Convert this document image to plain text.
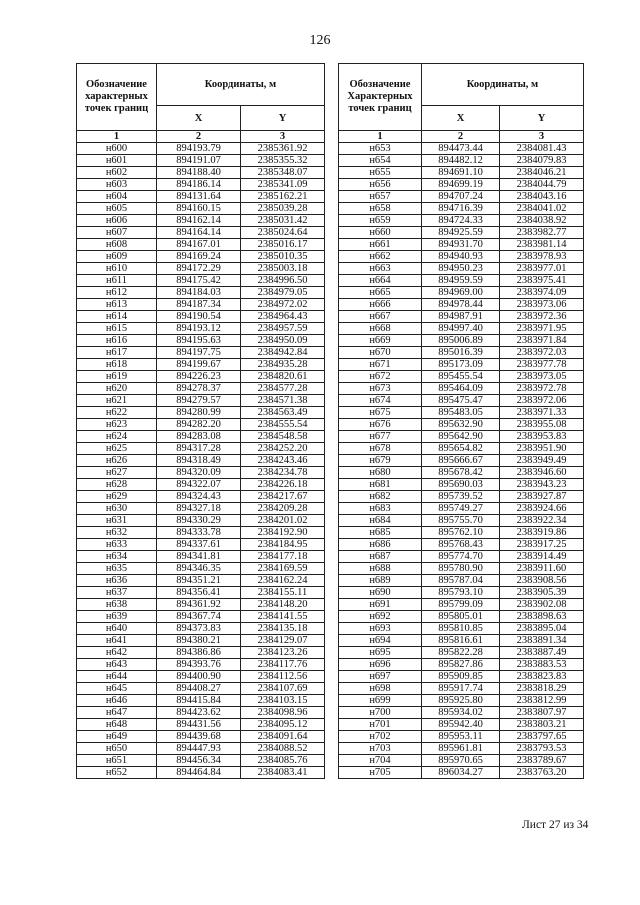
126
Обозначение характерных точек границ	Координаты, м			Обозначение Характерных точек границ	Координаты, м	
	X	Y			X	Y
1	2	3		1	2	3
н600	894193.79	2385361.92		н653	894473.44	2384081.43
н601	894191.07	2385355.32		н654	894482.12	2384079.83
н602	894188.40	2385348.07		н655	894691.10	2384046.21
н603	894186.14	2385341.09		н656	894699.19	2384044.79
н604	894131.64	2385162.21		н657	894707.24	2384043.16
н605	894160.15	2385039.28		н658	894716.39	2384041.02
н606	894162.14	2385031.42		н659	894724.33	2384038.92
н607	894164.14	2385024.64		н660	894925.59	2383982.77
н608	894167.01	2385016.17		н661	894931.70	2383981.14
н609	894169.24	2385010.35		н662	894940.93	2383978.93
н610	894172.29	2385003.18		н663	894950.23	2383977.01
н611	894175.42	2384996.50		н664	894959.59	2383975.41
н612	894184.03	2384979.05		н665	894969.00	2383974.09
н613	894187.34	2384972.02		н666	894978.44	2383973.06
н614	894190.54	2384964.43		н667	894987.91	2383972.36
н615	894193.12	2384957.59		н668	894997.40	2383971.95
н616	894195.63	2384950.09		н669	895006.89	2383971.84
н617	894197.75	2384942.84		н670	895016.39	2383972.03
н618	894199.67	2384935.28		н671	895173.09	2383977.78
н619	894226.23	2384820.61		н672	895455.54	2383973.05
н620	894278.37	2384577.28		н673	895464.09	2383972.78
н621	894279.57	2384571.38		н674	895475.47	2383972.06
н622	894280.99	2384563.49		н675	895483.05	2383971.33
н623	894282.20	2384555.54		н676	895632.90	2383955.08
н624	894283.08	2384548.58		н677	895642.90	2383953.83
н625	894317.28	2384252.20		н678	895654.82	2383951.90
н626	894318.49	2384243.46		н679	895666.67	2383949.49
н627	894320.09	2384234.78		н680	895678.42	2383946.60
н628	894322.07	2384226.18		н681	895690.03	2383943.23
н629	894324.43	2384217.67		н682	895739.52	2383927.87
н630	894327.18	2384209.28		н683	895749.27	2383924.66
н631	894330.29	2384201.02		н684	895755.70	2383922.34
н632	894333.78	2384192.90		н685	895762.10	2383919.86
н633	894337.61	2384184.95		н686	895768.43	2383917.25
н634	894341.81	2384177.18		н687	895774.70	2383914.49
н635	894346.35	2384169.59		н688	895780.90	2383911.60
н636	894351.21	2384162.24		н689	895787.04	2383908.56
н637	894356.41	2384155.11		н690	895793.10	2383905.39
н638	894361.92	2384148.20		н691	895799.09	2383902.08
н639	894367.74	2384141.55		н692	895805.01	2383898.63
н640	894373.83	2384135.18		н693	895810.85	2383895.04
н641	894380.21	2384129.07		н694	895816.61	2383891.34
н642	894386.86	2384123.26		н695	895822.28	2383887.49
н643	894393.76	2384117.76		н696	895827.86	2383883.53
н644	894400.90	2384112.56		н697	895909.85	2383823.83
н645	894408.27	2384107.69		н698	895917.74	2383818.29
н646	894415.84	2384103.15		н699	895925.80	2383812.99
н647	894423.62	2384098.96		н700	895934.02	2383807.97
н648	894431.56	2384095.12		н701	895942.40	2383803.21
н649	894439.68	2384091.64		н702	895953.11	2383797.65
н650	894447.93	2384088.52		н703	895961.81	2383793.53
н651	894456.34	2384085.76		н704	895970.65	2383789.67
н652	894464.84	2384083.41		н705	896034.27	2383763.20
Лист 27 из 34
